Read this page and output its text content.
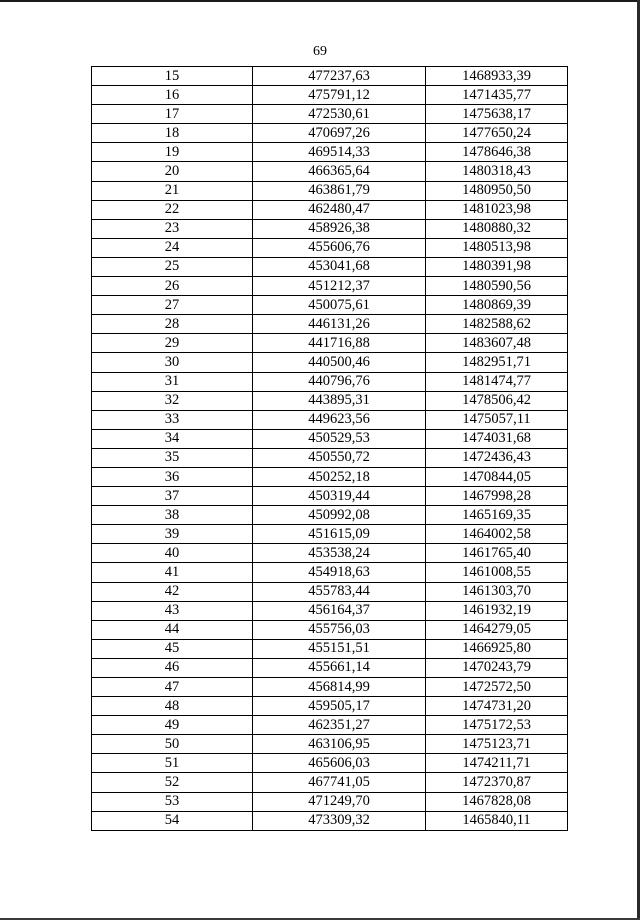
69
15	477237,63	1468933,39
16	475791,12	1471435,77
17	472530,61	1475638,17
18	470697,26	1477650,24
19	469514,33	1478646,38
20	466365,64	1480318,43
21	463861,79	1480950,50
22	462480,47	1481023,98
23	458926,38	1480880,32
24	455606,76	1480513,98
25	453041,68	1480391,98
26	451212,37	1480590,56
27	450075,61	1480869,39
28	446131,26	1482588,62
29	441716,88	1483607,48
30	440500,46	1482951,71
31	440796,76	1481474,77
32	443895,31	1478506,42
33	449623,56	1475057,11
34	450529,53	1474031,68
35	450550,72	1472436,43
36	450252,18	1470844,05
37	450319,44	1467998,28
38	450992,08	1465169,35
39	451615,09	1464002,58
40	453538,24	1461765,40
41	454918,63	1461008,55
42	455783,44	1461303,70
43	456164,37	1461932,19
44	455756,03	1464279,05
45	455151,51	1466925,80
46	455661,14	1470243,79
47	456814,99	1472572,50
48	459505,17	1474731,20
49	462351,27	1475172,53
50	463106,95	1475123,71
51	465606,03	1474211,71
52	467741,05	1472370,87
53	471249,70	1467828,08
54	473309,32	1465840,11
